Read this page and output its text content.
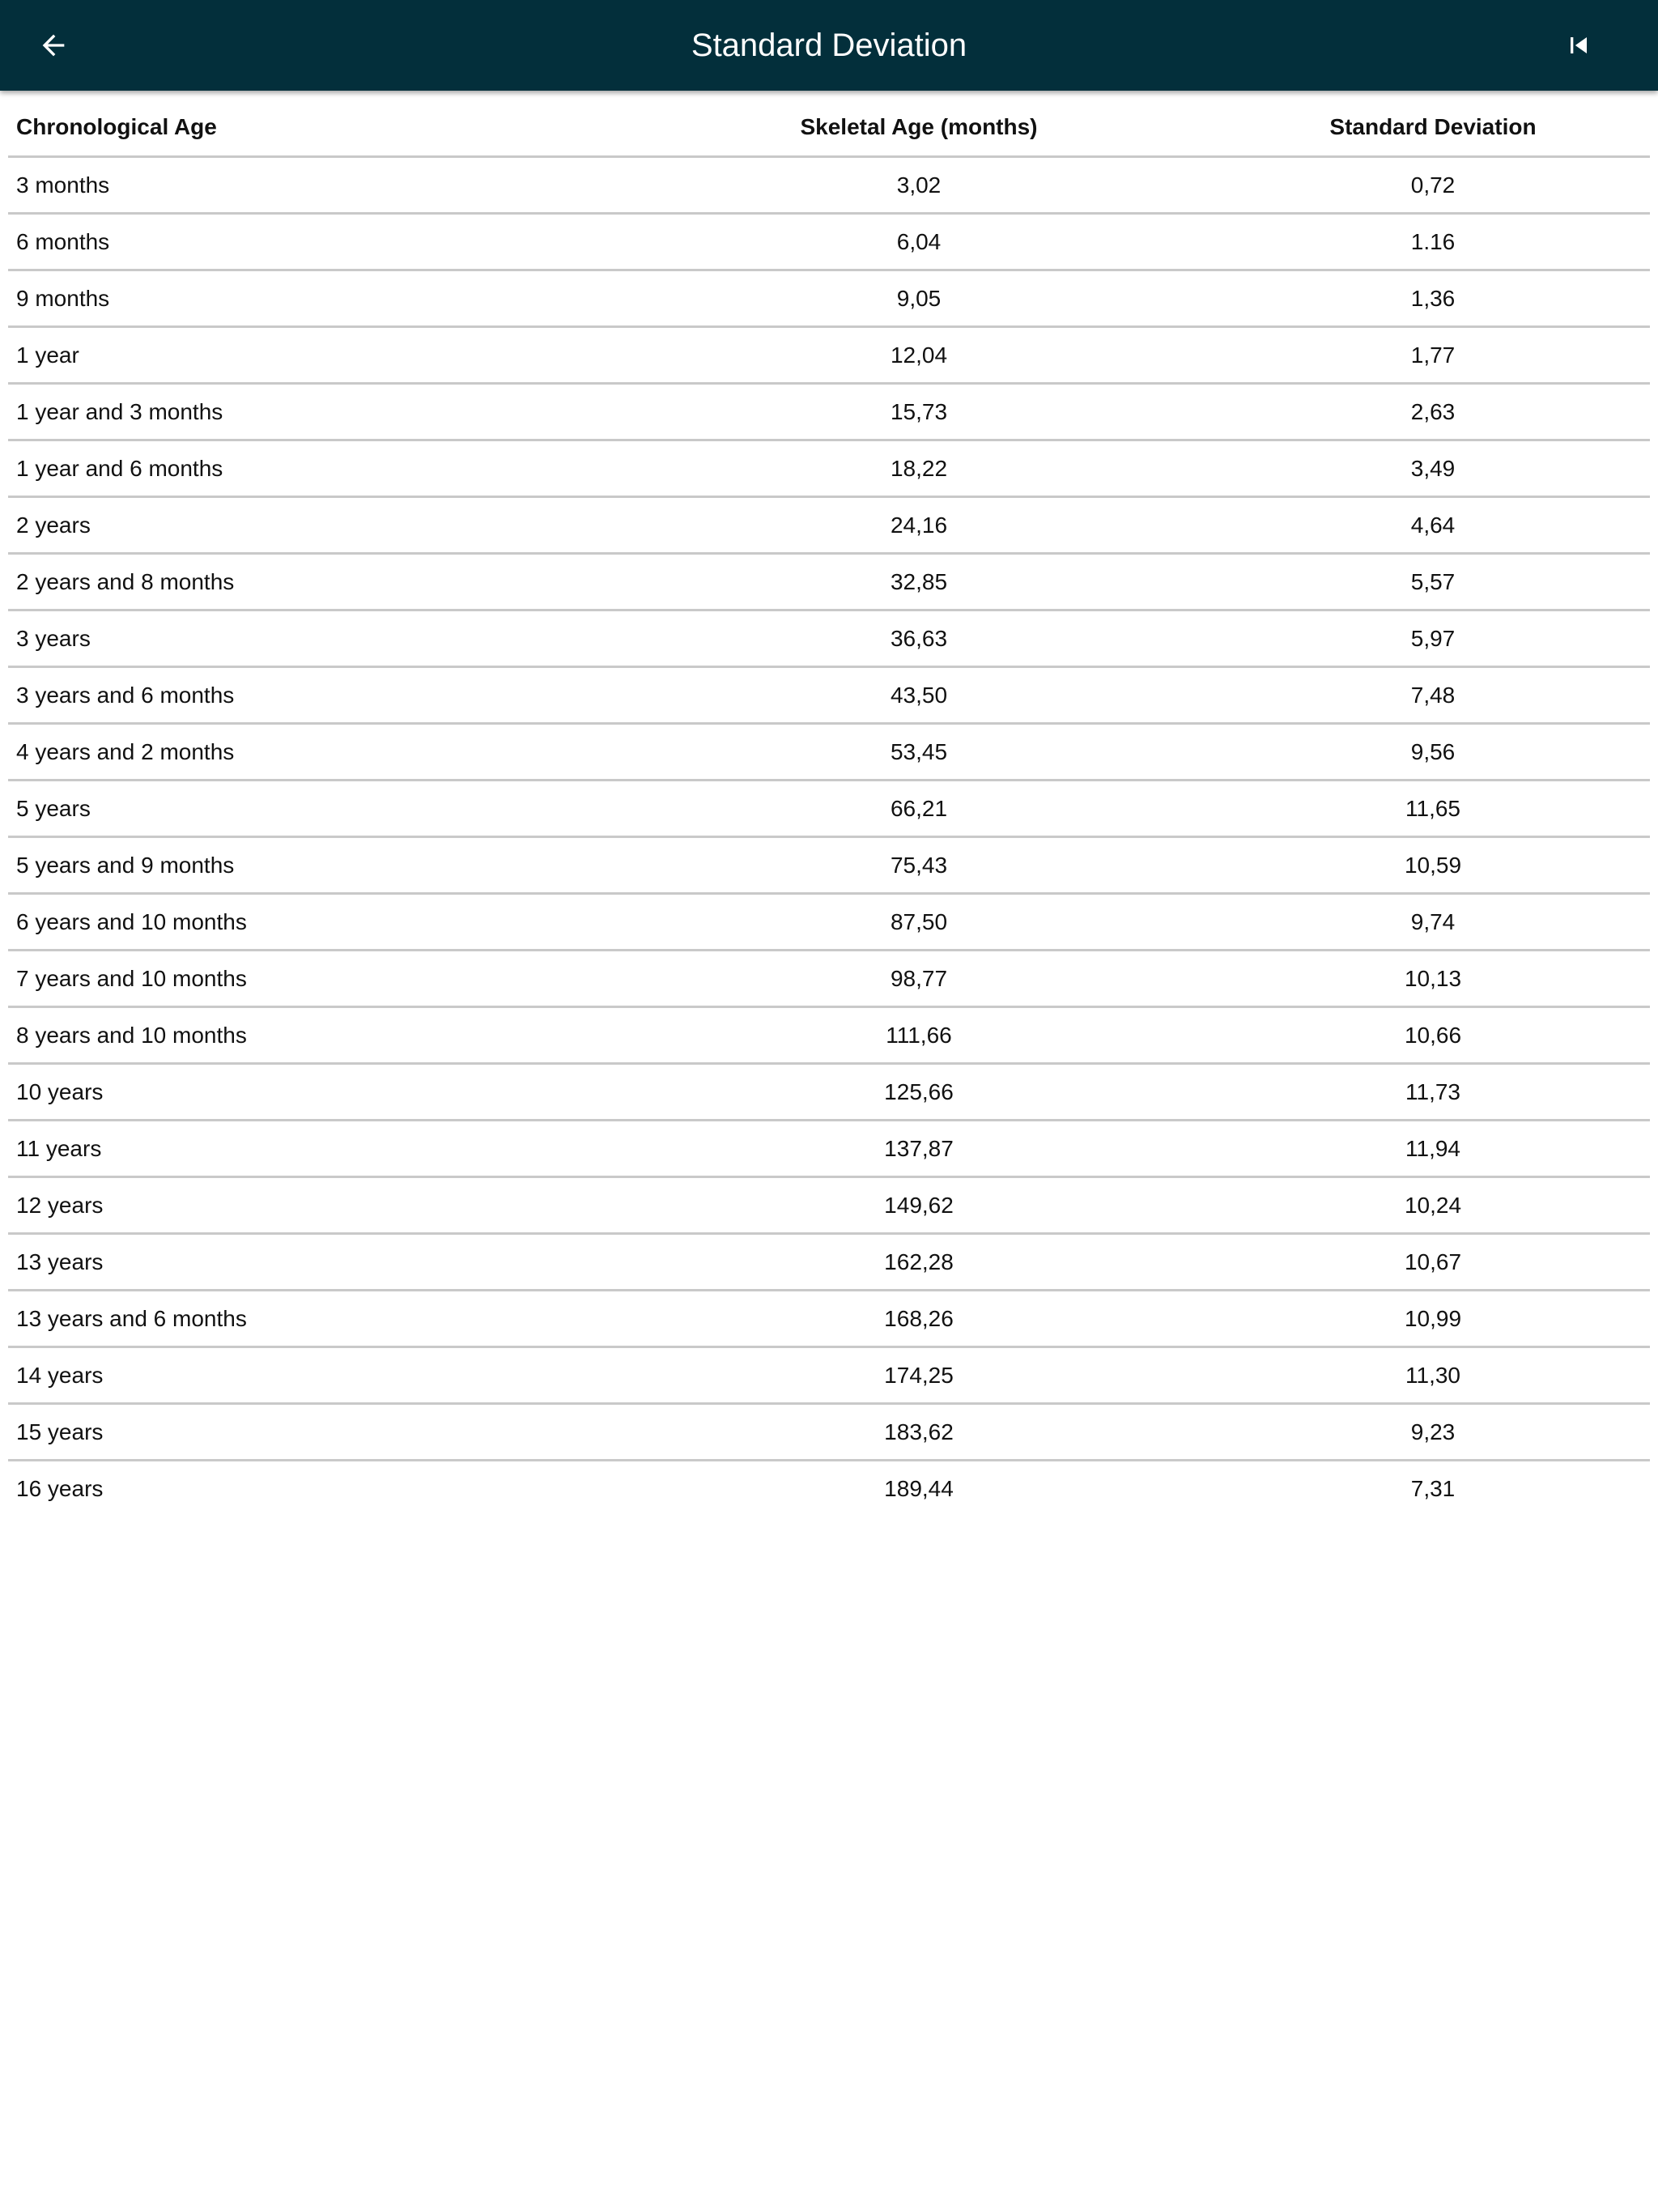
Standard Deviation
Chronological Age	Skeletal Age (months)	Standard Deviation
3 months	3,02	0,72
6 months	6,04	1.16
9 months	9,05	1,36
1 year	12,04	1,77
1 year and 3 months	15,73	2,63
1 year and 6 months	18,22	3,49
2 years	24,16	4,64
2 years and 8 months	32,85	5,57
3 years	36,63	5,97
3 years and 6 months	43,50	7,48
4 years and 2 months	53,45	9,56
5 years	66,21	11,65
5 years and 9 months	75,43	10,59
6 years and 10 months	87,50	9,74
7 years and 10 months	98,77	10,13
8 years and 10 months	111,66	10,66
10 years	125,66	11,73
11 years	137,87	11,94
12 years	149,62	10,24
13 years	162,28	10,67
13 years and 6 months	168,26	10,99
14 years	174,25	11,30
15 years	183,62	9,23
16 years	189,44	7,31
